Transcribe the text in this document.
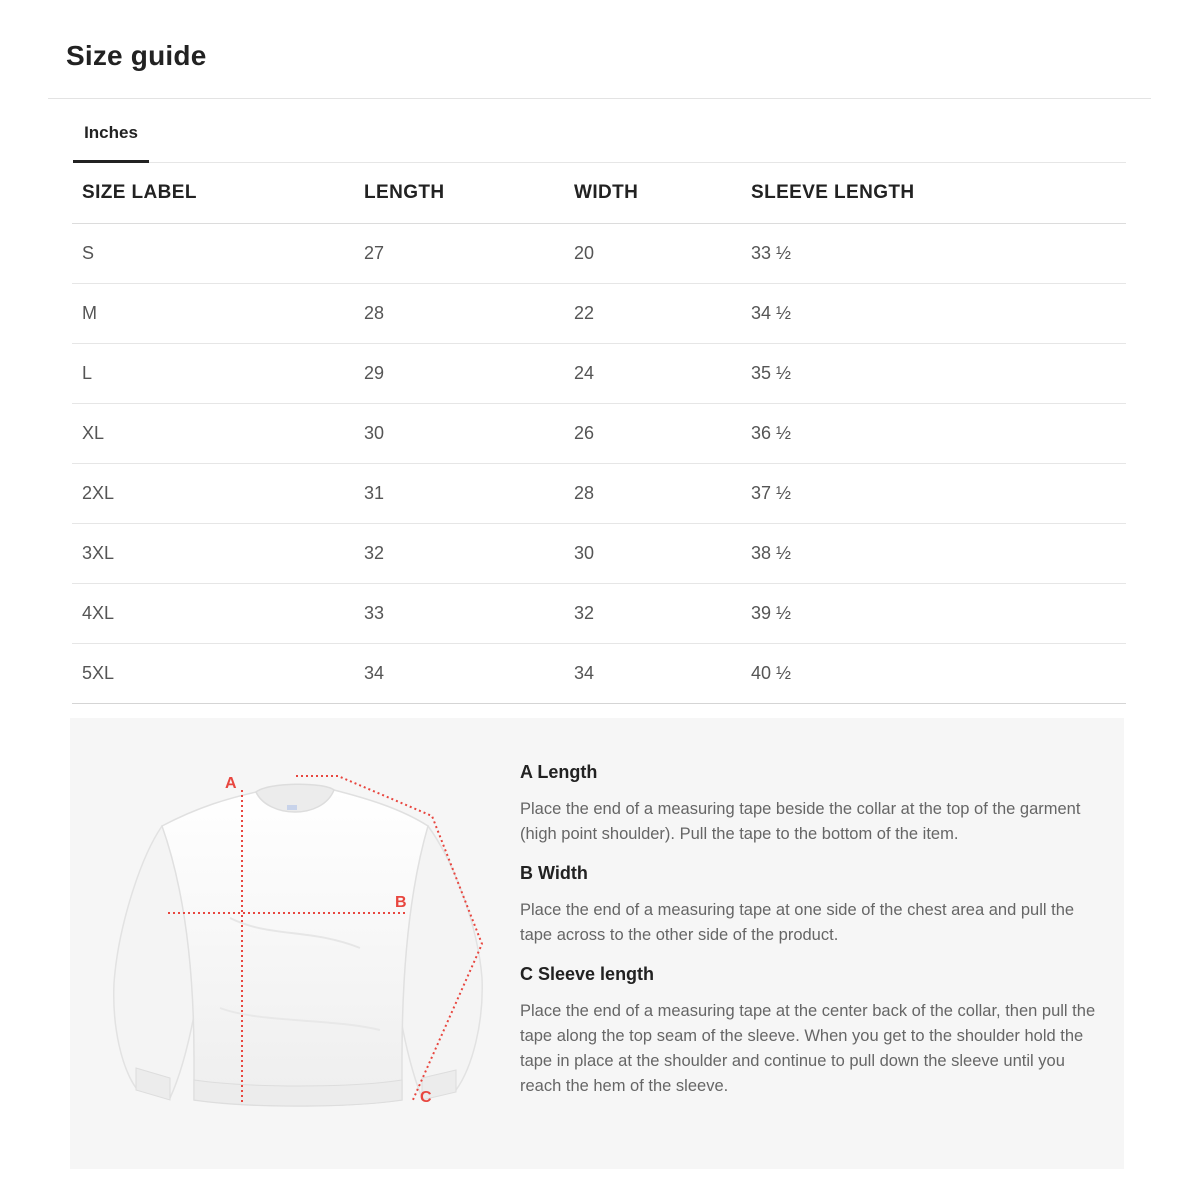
Size guide
Inches
SIZE LABEL	LENGTH	WIDTH	SLEEVE LENGTH
S	27	20	33 ½
M	28	22	34 ½
L	29	24	35 ½
XL	30	26	36 ½
2XL	31	28	37 ½
3XL	32	30	38 ½
4XL	33	32	39 ½
5XL	34	34	40 ½
A
B
C
A Length

Place the end of a measuring tape beside the collar at the top of the garment (high point shoulder). Pull the tape to the bottom of the item.

B Width

Place the end of a measuring tape at one side of the chest area and pull the tape across to the other side of the product.

C Sleeve length

Place the end of a measuring tape at the center back of the collar, then pull the tape along the top seam of the sleeve. When you get to the shoulder hold the tape in place at the shoulder and continue to pull down the sleeve until you reach the hem of the sleeve.
